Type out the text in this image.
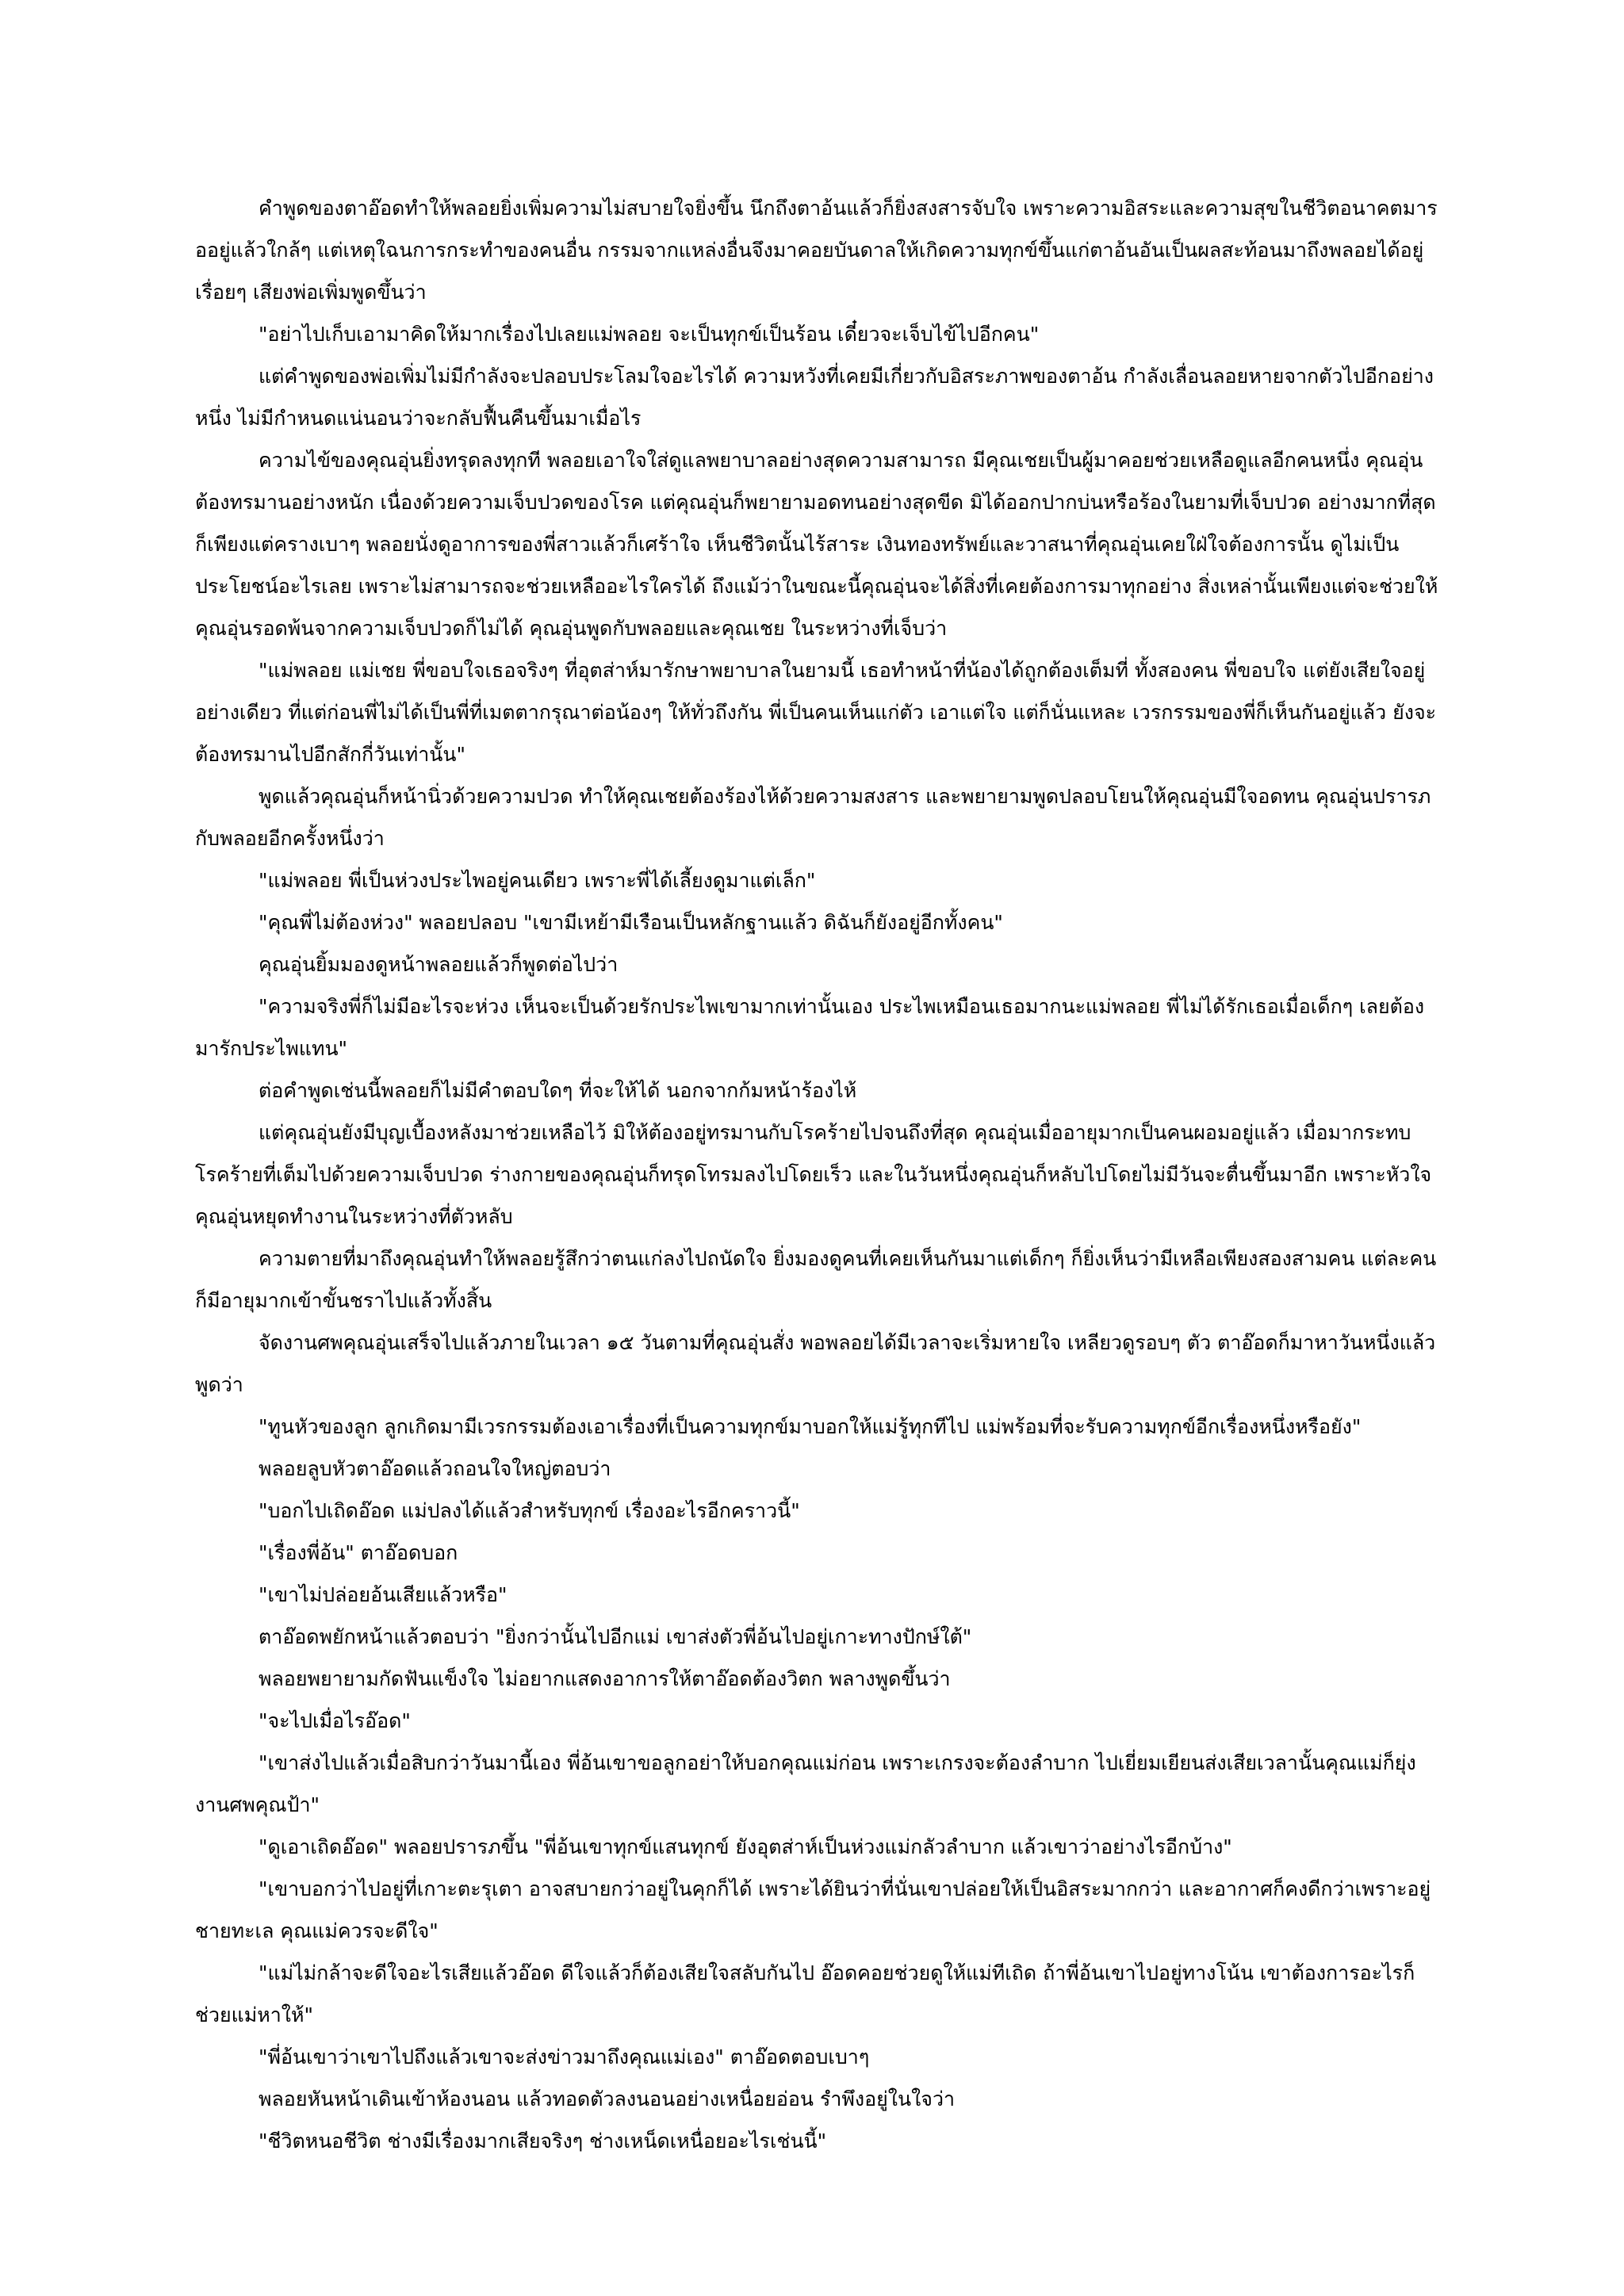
คำพูดของตาอ๊อดทำให้พลอยยิ่งเพิ่มความไม่สบายใจยิ่งขึ้น นึกถึงตาอ้นแล้วก็ยิ่งสงสารจับใจ เพราะความอิสระและความสุขในชีวิตอนาคตมารออยู่แล้วใกล้ๆ แต่เหตุใฉนการกระทำของคนอื่น กรรมจากแหล่งอื่นจึงมาคอยบันดาลให้เกิดความทุกข์ขึ้นแก่ตาอ้นอันเป็นผลสะท้อนมาถึงพลอยได้อยู่เรื่อยๆ เสียงพ่อเพิ่มพูดขึ้นว่า

"อย่าไปเก็บเอามาคิดให้มากเรื่องไปเลยแม่พลอย จะเป็นทุกข์เป็นร้อน เดี๋ยวจะเจ็บไข้ไปอีกคน"

แต่คำพูดของพ่อเพิ่มไม่มีกำลังจะปลอบประโลมใจอะไรได้ ความหวังที่เคยมีเกี่ยวกับอิสระภาพของตาอ้น กำลังเลื่อนลอยหายจากตัวไปอีกอย่างหนึ่ง ไม่มีกำหนดแน่นอนว่าจะกลับฟื้นคืนขึ้นมาเมื่อไร

ความไข้ของคุณอุ่นยิ่งทรุดลงทุกที พลอยเอาใจใส่ดูแลพยาบาลอย่างสุดความสามารถ มีคุณเชยเป็นผู้มาคอยช่วยเหลือดูแลอีกคนหนึ่ง คุณอุ่นต้องทรมานอย่างหนัก เนื่องด้วยความเจ็บปวดของโรค แต่คุณอุ่นก็พยายามอดทนอย่างสุดขีด มิได้ออกปากบ่นหรือร้องในยามที่เจ็บปวด อย่างมากที่สุดก็เพียงแต่ครางเบาๆ พลอยนั่งดูอาการของพี่สาวแล้วก็เศร้าใจ เห็นชีวิตนั้นไร้สาระ เงินทองทรัพย์และวาสนาที่คุณอุ่นเคยใฝ่ใจต้องการนั้น ดูไม่เป็นประโยชน์อะไรเลย เพราะไม่สามารถจะช่วยเหลืออะไรใครได้ ถึงแม้ว่าในขณะนี้คุณอุ่นจะได้สิ่งที่เคยต้องการมาทุกอย่าง สิ่งเหล่านั้นเพียงแต่จะช่วยให้คุณอุ่นรอดพ้นจากความเจ็บปวดก็ไม่ได้ คุณอุ่นพูดกับพลอยและคุณเชย ในระหว่างที่เจ็บว่า

"แม่พลอย แม่เชย พี่ขอบใจเธอจริงๆ ที่อุตส่าห์มารักษาพยาบาลในยามนี้ เธอทำหน้าที่น้องได้ถูกต้องเต็มที่ ทั้งสองคน พี่ขอบใจ แต่ยังเสียใจอยู่อย่างเดียว ที่แต่ก่อนพี่ไม่ได้เป็นพี่ที่เมตตากรุณาต่อน้องๆ ให้ทั่วถึงกัน พี่เป็นคนเห็นแก่ตัว เอาแต่ใจ แต่ก็นั่นแหละ เวรกรรมของพี่ก็เห็นกันอยู่แล้ว ยังจะต้องทรมานไปอีกสักกี่วันเท่านั้น"

พูดแล้วคุณอุ่นก็หน้านิ่วด้วยความปวด ทำให้คุณเชยต้องร้องไห้ด้วยความสงสาร และพยายามพูดปลอบโยนให้คุณอุ่นมีใจอดทน คุณอุ่นปรารภกับพลอยอีกครั้งหนึ่งว่า

"แม่พลอย พี่เป็นห่วงประไพอยู่คนเดียว เพราะพี่ได้เลี้ยงดูมาแต่เล็ก"

"คุณพี่ไม่ต้องห่วง" พลอยปลอบ "เขามีเหย้ามีเรือนเป็นหลักฐานแล้ว ดิฉันก็ยังอยู่อีกทั้งคน"

คุณอุ่นยิ้มมองดูหน้าพลอยแล้วก็พูดต่อไปว่า

"ความจริงพี่ก็ไม่มีอะไรจะห่วง เห็นจะเป็นด้วยรักประไพเขามากเท่านั้นเอง ประไพเหมือนเธอมากนะแม่พลอย พี่ไม่ได้รักเธอเมื่อเด็กๆ เลยต้องมารักประไพแทน"

ต่อคำพูดเช่นนี้พลอยก็ไม่มีคำตอบใดๆ ที่จะให้ได้ นอกจากก้มหน้าร้องไห้

แต่คุณอุ่นยังมีบุญเบื้องหลังมาช่วยเหลือไว้ มิให้ต้องอยู่ทรมานกับโรคร้ายไปจนถึงที่สุด คุณอุ่นเมื่ออายุมากเป็นคนผอมอยู่แล้ว เมื่อมากระทบโรคร้ายที่เต็มไปด้วยความเจ็บปวด ร่างกายของคุณอุ่นก็ทรุดโทรมลงไปโดยเร็ว และในวันหนึ่งคุณอุ่นก็หลับไปโดยไม่มีวันจะตื่นขึ้นมาอีก เพราะหัวใจคุณอุ่นหยุดทำงานในระหว่างที่ตัวหลับ

ความตายที่มาถึงคุณอุ่นทำให้พลอยรู้สึกว่าตนแก่ลงไปถนัดใจ ยิ่งมองดูคนที่เคยเห็นกันมาแต่เด็กๆ ก็ยิ่งเห็นว่ามีเหลือเพียงสองสามคน แต่ละคนก็มีอายุมากเข้าขั้นชราไปแล้วทั้งสิ้น

จัดงานศพคุณอุ่นเสร็จไปแล้วภายในเวลา ๑๕ วันตามที่คุณอุ่นสั่ง พอพลอยได้มีเวลาจะเริ่มหายใจ เหลียวดูรอบๆ ตัว ตาอ๊อดก็มาหาวันหนึ่งแล้วพูดว่า

"ทูนหัวของลูก ลูกเกิดมามีเวรกรรมต้องเอาเรื่องที่เป็นความทุกข์มาบอกให้แม่รู้ทุกทีไป แม่พร้อมที่จะรับความทุกข์อีกเรื่องหนึ่งหรือยัง"

พลอยลูบหัวตาอ๊อดแล้วถอนใจใหญ่ตอบว่า

"บอกไปเถิดอ๊อด แม่ปลงได้แล้วสำหรับทุกข์ เรื่องอะไรอีกคราวนี้"

"เรื่องพี่อ้น" ตาอ๊อดบอก

"เขาไม่ปล่อยอ้นเสียแล้วหรือ"

ตาอ๊อดพยักหน้าแล้วตอบว่า "ยิ่งกว่านั้นไปอีกแม่ เขาส่งตัวพี่อ้นไปอยู่เกาะทางปักษ์ใต้"

พลอยพยายามกัดฟันแข็งใจ ไม่อยากแสดงอาการให้ตาอ๊อดต้องวิตก พลางพูดขึ้นว่า

"จะไปเมื่อไรอ๊อด"

"เขาส่งไปแล้วเมื่อสิบกว่าวันมานี้เอง พี่อ้นเขาขอลูกอย่าให้บอกคุณแม่ก่อน เพราะเกรงจะต้องลำบาก ไปเยี่ยมเยียนส่งเสียเวลานั้นคุณแม่ก็ยุ่งงานศพคุณป้า"

"ดูเอาเถิดอ๊อด" พลอยปรารภขึ้น "พี่อ้นเขาทุกข์แสนทุกข์ ยังอุตส่าห์เป็นห่วงแม่กลัวลำบาก แล้วเขาว่าอย่างไรอีกบ้าง"

"เขาบอกว่าไปอยู่ที่เกาะตะรุเตา อาจสบายกว่าอยู่ในคุกก็ได้ เพราะได้ยินว่าที่นั่นเขาปล่อยให้เป็นอิสระมากกว่า และอากาศก็คงดีกว่าเพราะอยู่ชายทะเล คุณแม่ควรจะดีใจ"

"แม่ไม่กล้าจะดีใจอะไรเสียแล้วอ๊อด ดีใจแล้วก็ต้องเสียใจสลับกันไป อ๊อดคอยช่วยดูให้แม่ทีเถิด ถ้าพี่อ้นเขาไปอยู่ทางโน้น เขาต้องการอะไรก็ช่วยแม่หาให้"

"พี่อ้นเขาว่าเขาไปถึงแล้วเขาจะส่งข่าวมาถึงคุณแม่เอง" ตาอ๊อดตอบเบาๆ

พลอยหันหน้าเดินเข้าห้องนอน แล้วทอดตัวลงนอนอย่างเหนื่อยอ่อน รำพึงอยู่ในใจว่า

"ชีวิตหนอชีวิต ช่างมีเรื่องมากเสียจริงๆ ช่างเหน็ดเหนื่อยอะไรเช่นนี้"
